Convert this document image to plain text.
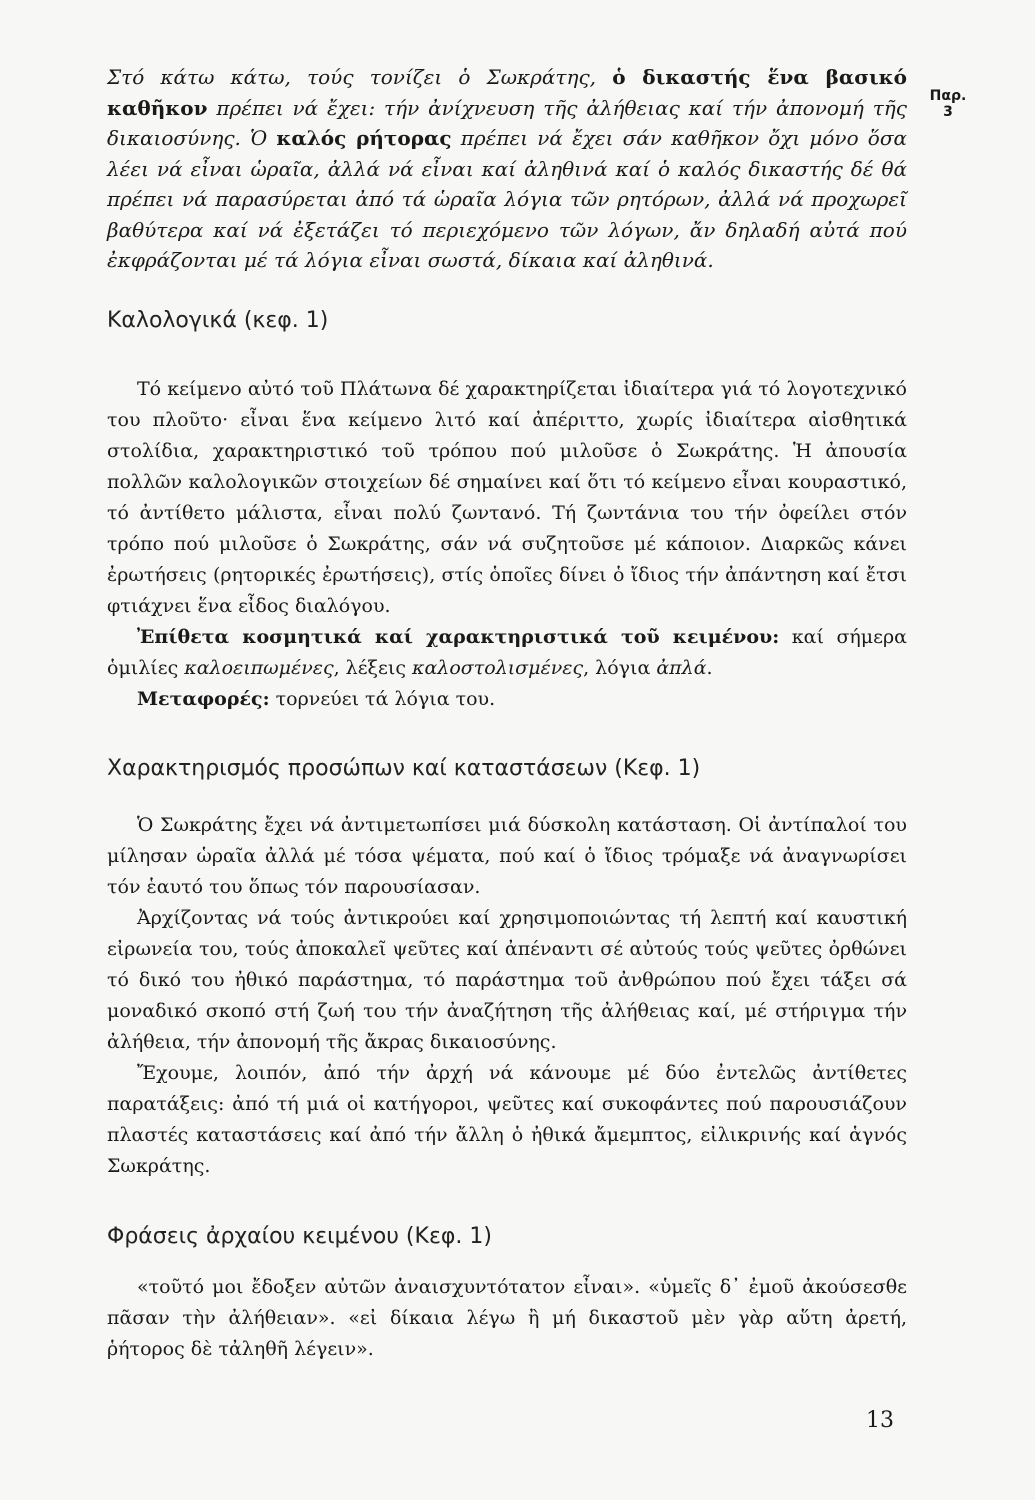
Παρ.
3
Στό κάτω κάτω, τούς τονίζει ὁ Σωκράτης, ὁ δικαστής ἕνα βασικό καθῆκον πρέπει νά ἔχει: τήν ἀνίχνευση τῆς ἀλήθειας καί τήν ἀπονομή τῆς δικαιοσύνης. Ὁ καλός ρήτορας πρέπει νά ἔχει σάν καθῆκον ὄχι μόνο ὅσα λέει νά εἶναι ὡραῖα, ἀλλά νά εἶναι καί ἀληθινά καί ὁ καλός δικαστής δέ θά πρέπει νά παρασύρεται ἀπό τά ὡραῖα λόγια τῶν ρητόρων, ἀλλά νά προχωρεῖ βαθύτερα καί νά ἐξετάζει τό περιεχόμενο τῶν λόγων, ἄν δηλαδή αὐτά πού ἐκφράζονται μέ τά λόγια εἶναι σωστά, δίκαια καί ἀληθινά.
Καλολογικά (κεφ. 1)

Τό κείμενο αὐτό τοῦ Πλάτωνα δέ χαρακτηρίζεται ἰδιαίτερα γιά τό λογοτεχνικό του πλοῦτο· εἶναι ἕνα κείμενο λιτό καί ἀπέριττο, χωρίς ἰδιαίτερα αἰσθητικά στολίδια, χαρακτηριστικό τοῦ τρόπου πού μιλοῦσε ὁ Σωκράτης. Ἡ ἀπουσία πολλῶν καλολογικῶν στοιχείων δέ σημαίνει καί ὅτι τό κείμενο εἶναι κουραστικό, τό ἀντίθετο μάλιστα, εἶναι πολύ ζωντανό. Τή ζωντάνια του τήν ὀφείλει στόν τρόπο πού μιλοῦσε ὁ Σωκράτης, σάν νά συζητοῦσε μέ κάποιον. Διαρκῶς κάνει ἐρωτήσεις (ρητορικές ἐρωτήσεις), στίς ὁποῖες δίνει ὁ ἴδιος τήν ἀπάντηση καί ἔτσι φτιάχνει ἕνα εἶδος διαλόγου.

Ἐπίθετα κοσμητικά καί χαρακτηριστικά τοῦ κειμένου: καί σήμερα ὁμιλίες καλοειπωμένες, λέξεις καλοστολισμένες, λόγια ἀπλά.

Μεταφορές: τορνεύει τά λόγια του.

Χαρακτηρισμός προσώπων καί καταστάσεων (Κεφ. 1)

Ὁ Σωκράτης ἔχει νά ἀντιμετωπίσει μιά δύσκολη κατάσταση. Οἱ ἀντίπαλοί του μίλησαν ὡραῖα ἀλλά μέ τόσα ψέματα, πού καί ὁ ἴδιος τρόμαξε νά ἀναγνωρίσει τόν ἑαυτό του ὅπως τόν παρουσίασαν.

Ἀρχίζοντας νά τούς ἀντικρούει καί χρησιμοποιώντας τή λεπτή καί καυστική εἰρωνεία του, τούς ἀποκαλεῖ ψεῦτες καί ἀπέναντι σέ αὐτούς τούς ψεῦτες ὀρθώνει τό δικό του ἠθικό παράστημα, τό παράστημα τοῦ ἀνθρώπου πού ἔχει τάξει σά μοναδικό σκοπό στή ζωή του τήν ἀναζήτηση τῆς ἀλήθειας καί, μέ στήριγμα τήν ἀλήθεια, τήν ἀπονομή τῆς ἄκρας δικαιοσύνης.

Ἔχουμε, λοιπόν, ἀπό τήν ἀρχή νά κάνουμε μέ δύο ἐντελῶς ἀντίθετες παρατάξεις: ἀπό τή μιά οἱ κατήγοροι, ψεῦτες καί συκοφάντες πού παρουσιάζουν πλαστές καταστάσεις καί ἀπό τήν ἄλλη ὁ ἠθικά ἄμεμπτος, εἰλικρινής καί ἁγνός Σωκράτης.

Φράσεις ἀρχαίου κειμένου (Κεφ. 1)

«τοῦτό μοι ἔδοξεν αὐτῶν ἀναισχυντότατον εἶναι». «ὑμεῖς δ᾽ ἐμοῦ ἀκούσεσθε πᾶσαν τὴν ἀλήθειαν». «εἰ δίκαια λέγω ἢ μή δικαστοῦ μὲν γὰρ αὕτη ἀρετή, ῥήτορος δὲ τἀληθῆ λέγειν».

13
